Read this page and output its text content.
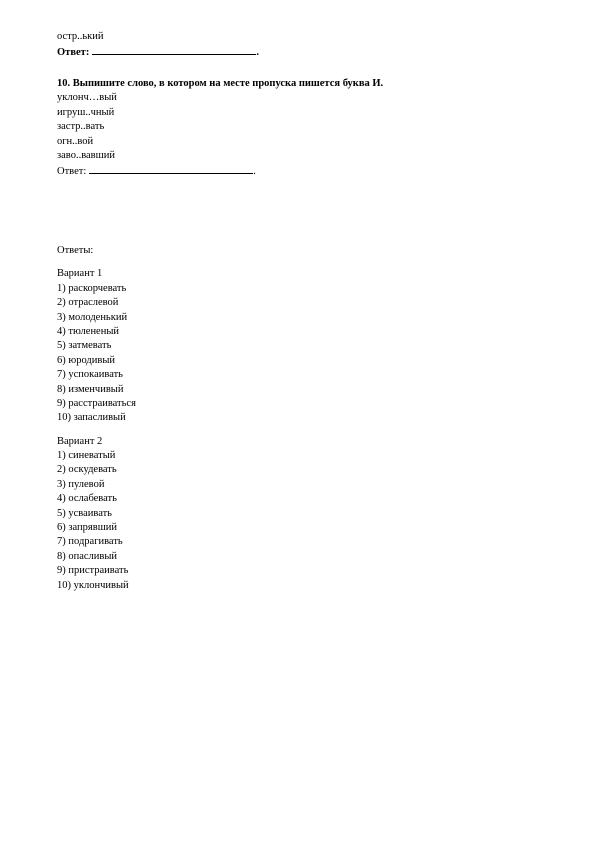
остр..ький
Ответ:	.
10. Выпишите слово, в котором на месте пропуска пишется буква И.
уклонч…вый
игруш..чный
застр..вать
огн..вой
заво..вавший
Ответ:	.
Ответы:
Вариант 1
1) раскорчевать
2) отраслевой
3) молоденький
4) тюлененый
5) затмевать
6) юродивый
7) успокаивать
8) изменчивый
9) расстраиваться
10) запасливый
Вариант 2
1) синеватый
2) оскудевать
3) пулевой
4) ослабевать
5) усваивать
6) запрявший
7) подрагивать
8) опасливый
9) пристраивать
10) уклончивый
